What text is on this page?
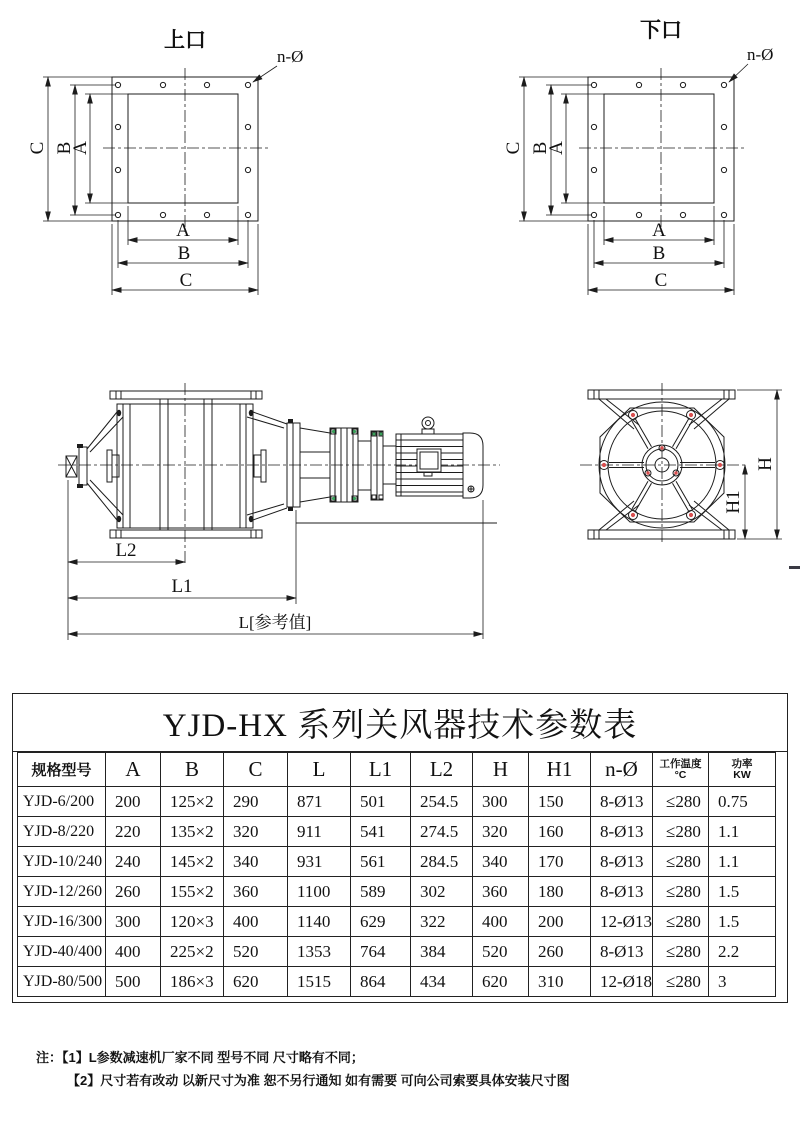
上口
A
B
C
A
B
C
n-Ø
下口
A
B
C
A
B
C
n-Ø
L2
L1
L[参考值]
H
H1
YJD-HX 系列关风器技术参数表
规格型号	A	B	C	L	L1	L2	H	H1	n-Ø	工作温度
°C	功率
KW

YJD-6/200	200	125×2	290	871	501	254.5	300	150	8-Ø13	≤280	0.75
YJD-8/220	220	135×2	320	911	541	274.5	320	160	8-Ø13	≤280	1.1
YJD-10/240	240	145×2	340	931	561	284.5	340	170	8-Ø13	≤280	1.1
YJD-12/260	260	155×2	360	1100	589	302	360	180	8-Ø13	≤280	1.5
YJD-16/300	300	120×3	400	1140	629	322	400	200	12-Ø13	≤280	1.5
YJD-40/400	400	225×2	520	1353	764	384	520	260	8-Ø13	≤280	2.2
YJD-80/500	500	186×3	620	1515	864	434	620	310	12-Ø18	≤280	3
注：【1】L参数减速机厂家不同 型号不同 尺寸略有不同；
【2】尺寸若有改动 以新尺寸为准 恕不另行通知 如有需要 可向公司索要具体安装尺寸图
